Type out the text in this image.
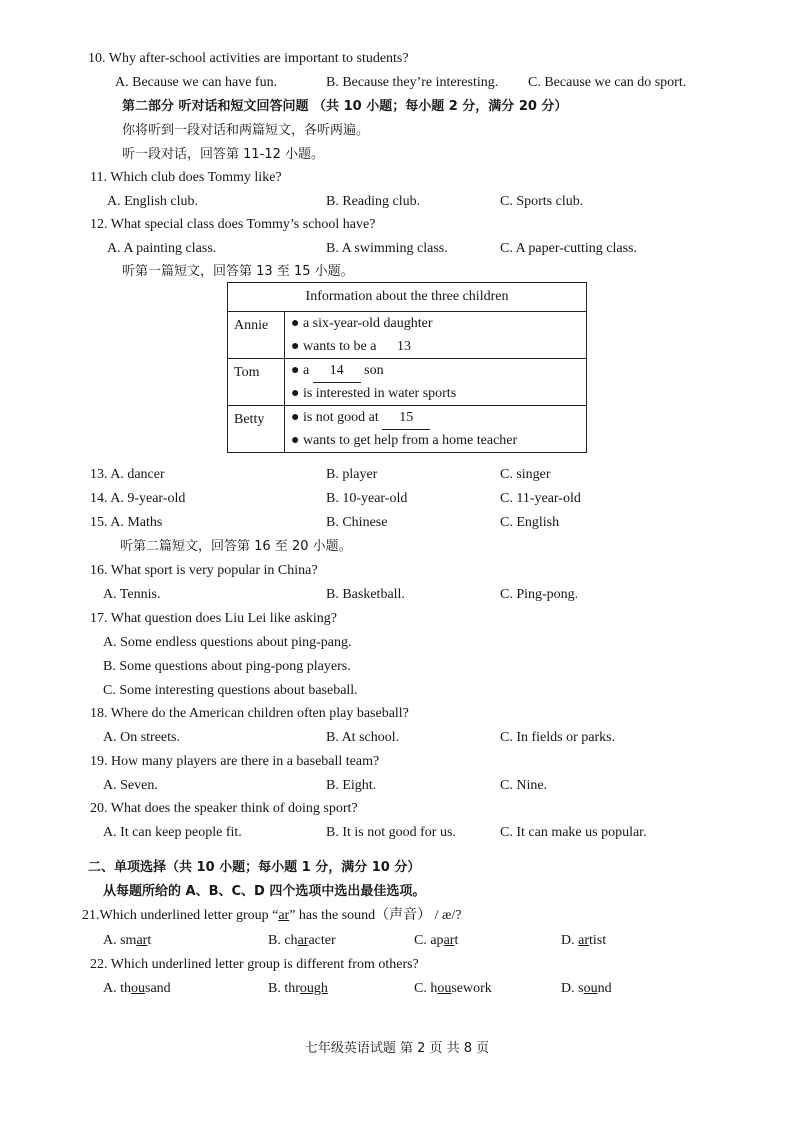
10. Why after-school activities are important to students?
A. Because we can have fun.	B. Because they’re interesting. C. Because we can do sport.
第二部分 听对话和短文回答问题 （共 10 小题；每小题 2 分，满分 20 分）
你将听到一段对话和两篇短文，各听两遍。
听一段对话，回答第 11-12 小题。
11. Which club does Tommy like?
A. English club.	B. Reading club.	C. Sports club.
12. What special class does Tommy’s school have?
A. A painting class.	B. A swimming class.	C. A paper-cutting class.
听第一篇短文，回答第 13 至 15 小题。
Information about the three children	
Annie	● a six-year-old daughter
● wants to be a 13

Tom	● a 14 son
● is interested in water sports

Betty	● is not good at 15
● wants to get help from a home teacher
13. A. dancer	B. player	C. singer
14. A. 9-year-old	B. 10-year-old	C. 11-year-old
15. A. Maths	B. Chinese	C. English
听第二篇短文，回答第 16 至 20 小题。
16. What sport is very popular in China?
A. Tennis.	B. Basketball.	C. Ping-pong.
17. What question does Liu Lei like asking?
A. Some endless questions about ping-pang.
B. Some questions about ping-pong players.
C. Some interesting questions about baseball.
18. Where do the American children often play baseball?
A. On streets.	B. At school.	C. In fields or parks.
19. How many players are there in a baseball team?
A. Seven.	B. Eight.	C. Nine.
20. What does the speaker think of doing sport?
A. It can keep people fit.	B. It is not good for us.	C. It can make us popular.
二、单项选择（共 10 小题；每小题 1 分，满分 10 分）
从每题所给的 A、B、C、D 四个选项中选出最佳选项。
21.Which underlined letter group “ar” has the sound（声音） / æ/?
A. smart	B. character	C. apart	D. artist
22. Which underlined letter group is different from others?
A. thousand	B. through	C. housework	D. sound
七年级英语试题 第 2 页 共 8 页
